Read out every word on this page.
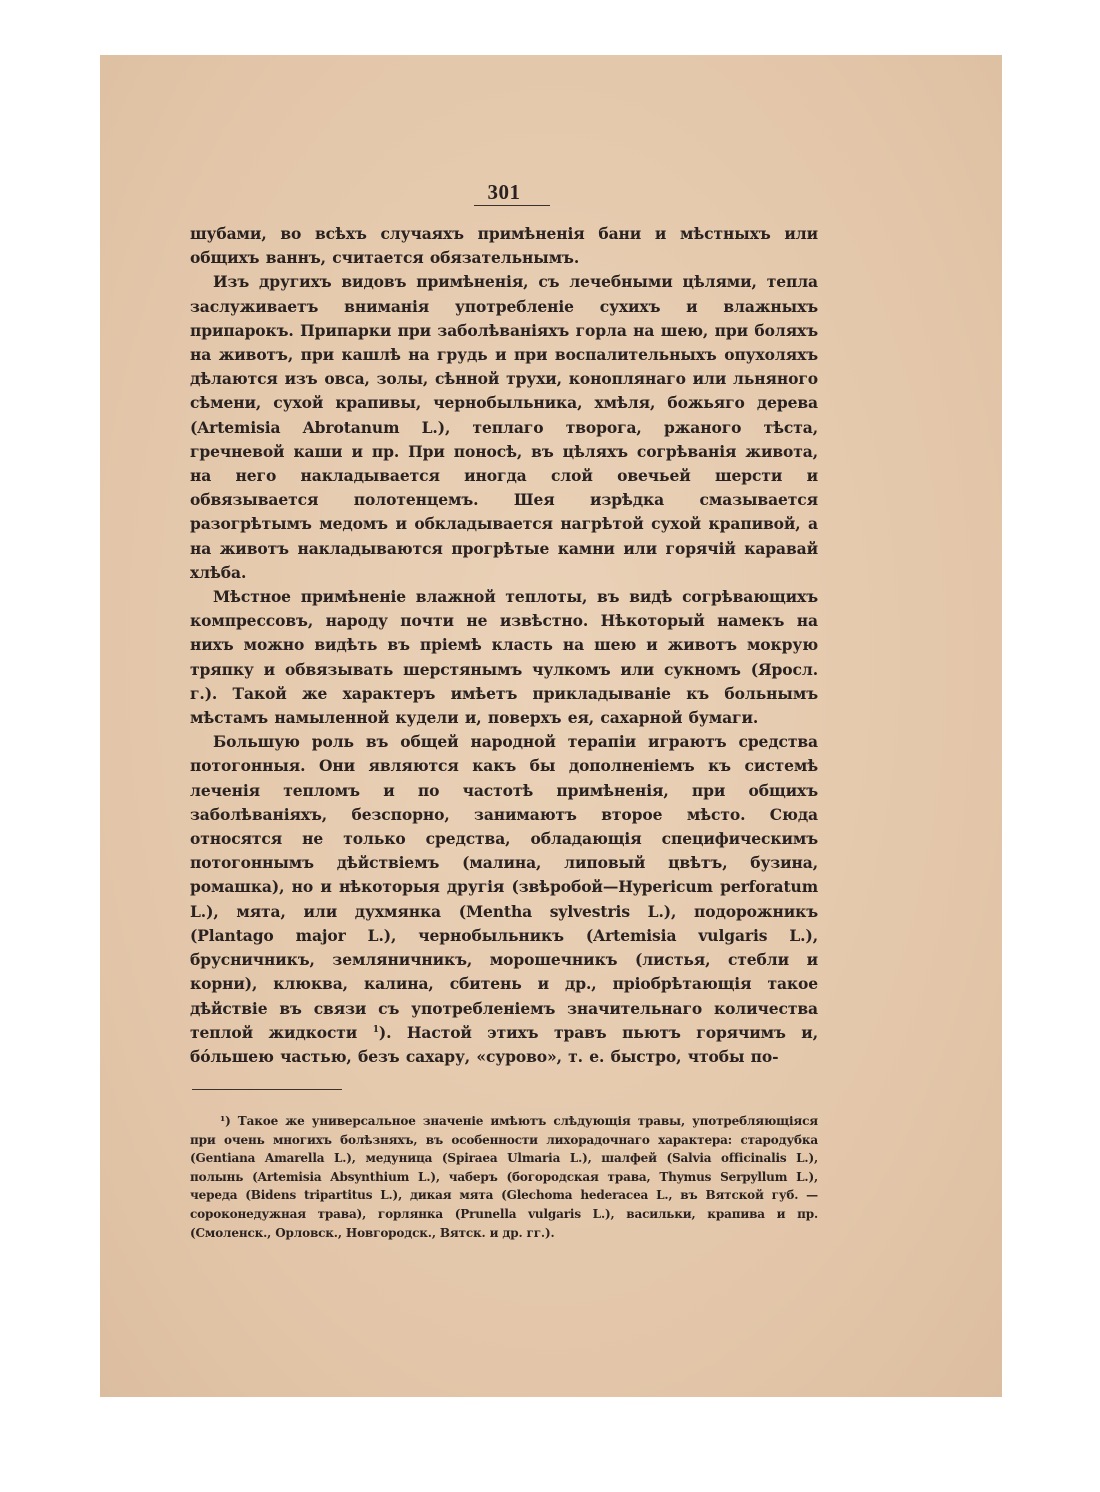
301

шубами, во всѣхъ случаяхъ примѣненія бани и мѣстныхъ или общихъ ваннъ, считается обязательнымъ.

Изъ другихъ видовъ примѣненія, съ лечебными цѣлями, тепла заслуживаетъ вниманія употребленіе сухихъ и влажныхъ припарокъ. Припарки при заболѣваніяхъ горла на шею, при боляхъ на животъ, при кашлѣ на грудь и при воспалительныхъ опухоляхъ дѣлаются изъ овса, золы, сѣнной трухи, коноплянаго или льняного сѣмени, сухой крапивы, чернобыльника, хмѣля, божьяго дерева (Artemisia Abrotanum L.), теплаго творога, ржаного тѣста, гречневой каши и пр. При поносѣ, въ цѣляхъ согрѣванія живота, на него накладывается иногда слой овечьей шерсти и обвязывается полотенцемъ. Шея изрѣдка смазывается разогрѣтымъ медомъ и обкладывается нагрѣтой сухой крапивой, а на животъ накладываются прогрѣтые камни или горячій каравай хлѣба.

Мѣстное примѣненіе влажной теплоты, въ видѣ согрѣвающихъ компрессовъ, народу почти не извѣстно. Нѣкоторый намекъ на нихъ можно видѣть въ пріемѣ класть на шею и животъ мокрую тряпку и обвязывать шерстянымъ чулкомъ или сукномъ (Яросл. г.). Такой же характеръ имѣетъ прикладываніе къ больнымъ мѣстамъ намыленной кудели и, поверхъ ея, сахарной бумаги.

Большую роль въ общей народной терапіи играютъ средства потогонныя. Они являются какъ бы дополненіемъ къ системѣ леченія тепломъ и по частотѣ примѣненія, при общихъ заболѣваніяхъ, безспорно, занимаютъ второе мѣсто. Сюда относятся не только средства, обладающія специфическимъ потогоннымъ дѣйствіемъ (малина, липовый цвѣтъ, бузина, ромашка), но и нѣкоторыя другія (звѣробой—Hypericum perforatum L.), мята, или духмянка (Mentha sylvestris L.), подорожникъ (Plantago major L.), чернобыльникъ (Artemisia vulgaris L.), брусничникъ, земляничникъ, морошечникъ (листья, стебли и корни), клюква, калина, сбитень и др., пріобрѣтающія такое дѣйствіе въ связи съ употребленіемъ значительнаго количества теплой жидкости $^1$). Настой этихъ травъ пьютъ горячимъ и, бóльшею частью, безъ сахару, «сурово», т. е. быстро, чтобы по-

¹) Такое же универсальное значеніе имѣютъ слѣдующія травы, употребляющіяся при очень многихъ болѣзняхъ, въ особенности лихорадочнаго характера: стародубка (Gentiana Amarella L.), медуница (Spiraea Ulmaria L.), шалфей (Salvia officinalis L.), полынь (Artemisia Absynthium L.), чаберъ (богородская трава, Thymus Serpyllum L.), череда (Bidens tripartitus L.), дикая мята (Glechoma hederacea L., въ Вятской губ. — сороконедужная трава), горлянка (Prunella vulgaris L.), васильки, крапива и пр. (Смоленск., Орловск., Новгородск., Вятск. и др. гг.).
